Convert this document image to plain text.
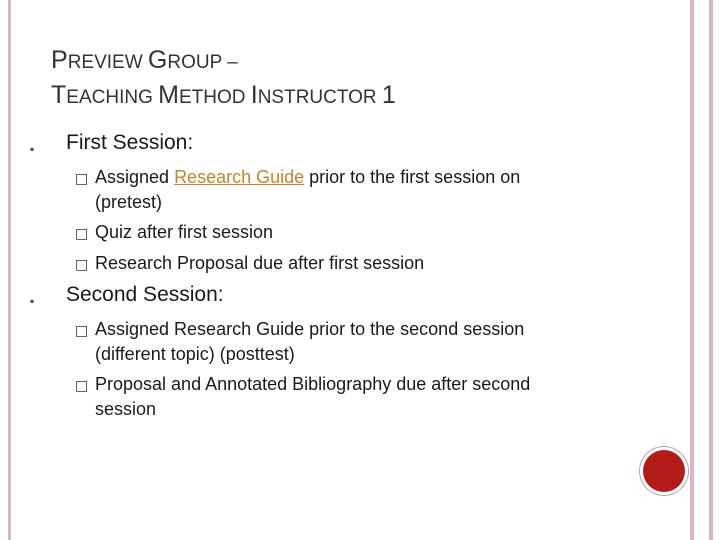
PREVIEW GROUP –
TEACHING METHOD INSTRUCTOR 1
▪ First Session:
□ Assigned Research Guide prior to the first session on
(pretest)
□ Quiz after first session
□ Research Proposal due after first session
▪ Second Session:
□ Assigned Research Guide prior to the second session
(different topic) (posttest)
□ Proposal and Annotated Bibliography due after second
session
